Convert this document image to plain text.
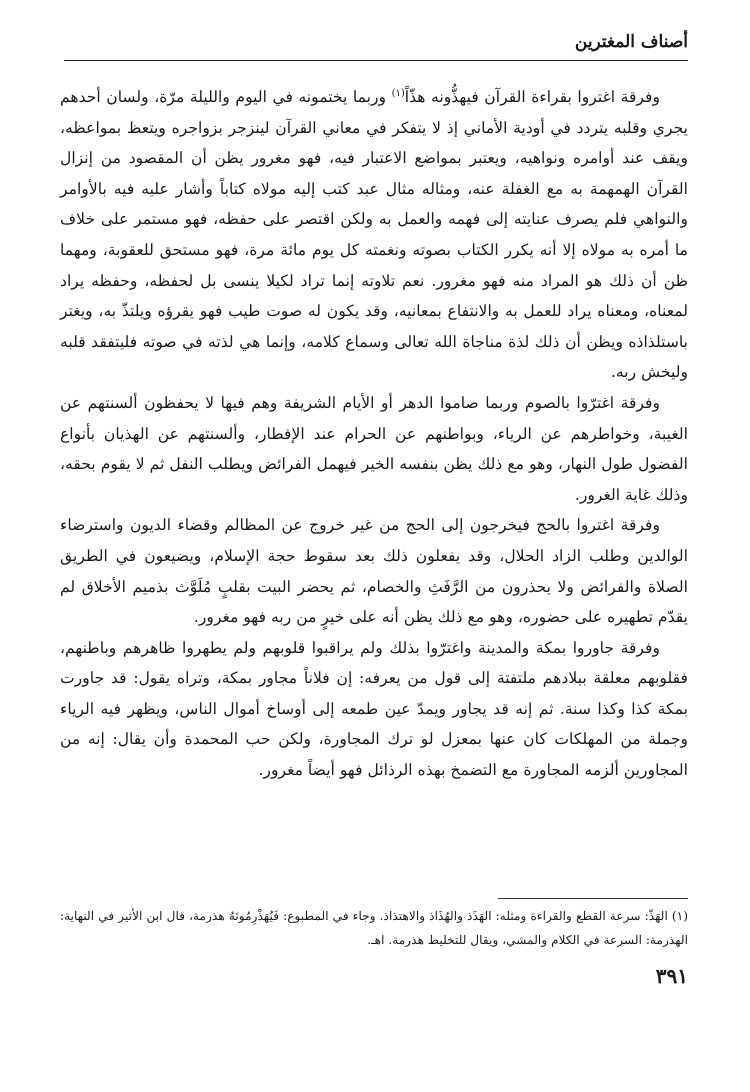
أصناف المغترين

وفرقة اغتروا بقراءة القرآن فيهذُّونه هذّاً$^{(١)}$ وربما يختمونه في اليوم والليلة مرّة، ولسان أحدهم يجري وقلبه يتردد في أودية الأماني إذ لا يتفكر في معاني القرآن لينزجر بزواجره ويتعظ بمواعظه، ويقف عند أوامره ونواهيه، ويعتبر بمواضع الاعتبار فيه، فهو مغرور يظن أن المقصود من إنزال القرآن الهمهمة به مع الغفلة عنه، ومثاله مثال عبد كتب إليه مولاه كتاباً وأشار عليه فيه بالأوامر والنواهي فلم يصرف عنايته إلى فهمه والعمل به ولكن اقتصر على حفظه، فهو مستمر على خلاف ما أمره به مولاه إلا أنه يكرر الكتاب بصوته ونغمته كل يوم مائة مرة، فهو مستحق للعقوبة، ومهما ظن أن ذلك هو المراد منه فهو مغرور. نعم تلاوته إنما تراد لكيلا ينسى بل لحفظه، وحفظه يراد لمعناه، ومعناه يراد للعمل به والانتفاع بمعانيه، وقد يكون له صوت طيب فهو يقرؤه ويلتذّ به، ويغتر باستلذاذه ويظن أن ذلك لذة مناجاة الله تعالى وسماع كلامه، وإنما هي لذته في صوته فليتفقد قلبه وليخش ربه.

وفرقة اغترّوا بالصوم وربما صاموا الدهر أو الأيام الشريفة وهم فيها لا يحفظون ألسنتهم عن الغيبة، وخواطرهم عن الرياء، وبواطنهم عن الحرام عند الإفطار، وألسنتهم عن الهذيان بأنواع الفضول طول النهار، وهو مع ذلك يظن بنفسه الخير فيهمل الفرائض ويطلب النفل ثم لا يقوم بحقه، وذلك غاية الغرور.

وفرقة اغتروا بالحج فيخرجون إلى الحج من غير خروج عن المظالم وقضاء الديون واسترضاء الوالدين وطلب الزاد الحلال، وقد يفعلون ذلك بعد سقوط حجة الإسلام، ويضيعون في الطريق الصلاة والفرائض ولا يحذرون من الرَّفَثِ والخصام، ثم يحضر البيت بقلبٍ مُلَوَّث بذميم الأخلاق لم يقدّم تطهيره على حضوره، وهو مع ذلك يظن أنه على خيرٍ من ربه فهو مغرور.

وفرقة جاوروا بمكة والمدينة واغترّوا بذلك ولم يراقبوا قلوبهم ولم يطهروا ظاهرهم وباطنهم، فقلوبهم معلقة ببلادهم ملتفتة إلى قول من يعرفه: إن فلاناً مجاور بمكة، وتراه يقول: قد جاورت بمكة كذا وكذا سنة. ثم إنه قد يجاور ويمدّ عين طمعه إلى أوساخ أموال الناس، ويظهر فيه الرياء وجملة من المهلكات كان عنها بمعزل لو ترك المجاورة، ولكن حب المحمدة وأن يقال: إنه من المجاورين ألزمه المجاورة مع التضمخ بهذه الرذائل فهو أيضاً مغرور.

(١) الهَذّ: سرعة القطع والقراءة ومثله: الهَذَذ والهُذَاذ والاهتذاذ. وجاء في المطبوع: فَيُهَذْرِمُونَهُ هذرمة، قال ابن الأثير في النهاية: الهذرمة: السرعة في الكلام والمشي، ويقال للتخليط هذرمة. اهـ.

٣٩١
